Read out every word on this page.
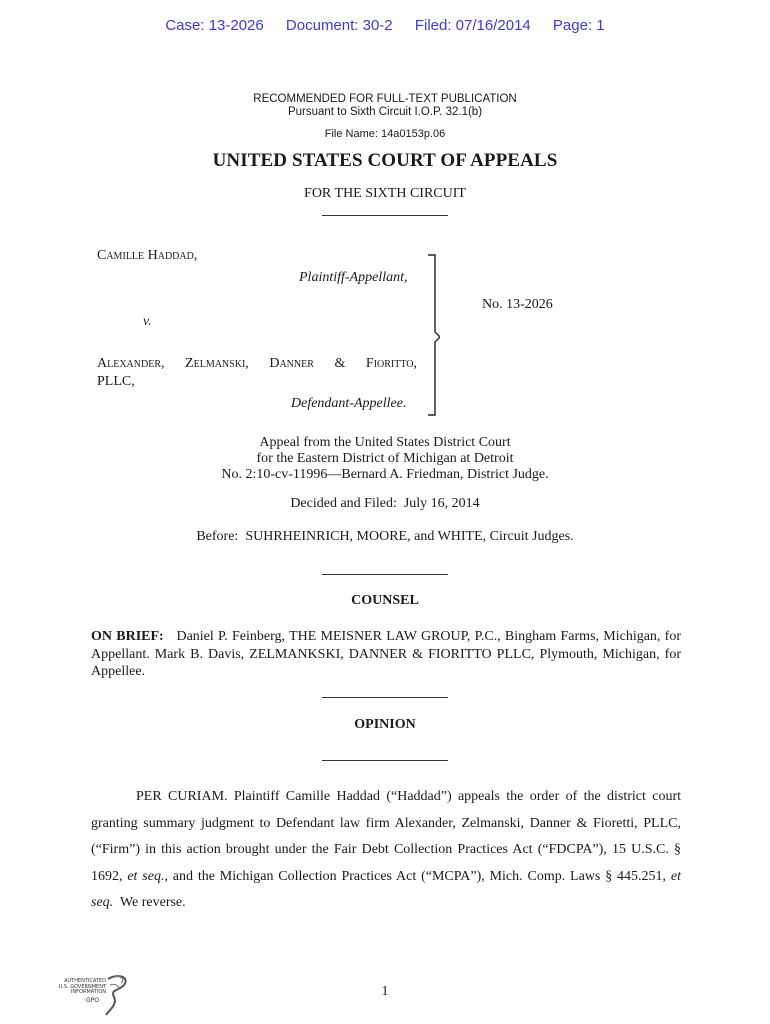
Case: 13-2026 Document: 30-2 Filed: 07/16/2014 Page: 1
RECOMMENDED FOR FULL-TEXT PUBLICATION
Pursuant to Sixth Circuit I.O.P. 32.1(b)
File Name: 14a0153p.06
UNITED STATES COURT OF APPEALS
FOR THE SIXTH CIRCUIT
Camille Haddad,
Plaintiff-Appellant,
v.
Alexander, Zelmanski, Danner & Fioritto,
PLLC,
Defendant-Appellee.
No. 13-2026
Appeal from the United States District Court
for the Eastern District of Michigan at Detroit
No. 2:10-cv-11996—Bernard A. Friedman, District Judge.
Decided and Filed:  July 16, 2014
Before:  SUHRHEINRICH, MOORE, and WHITE, Circuit Judges.
COUNSEL
ON BRIEF: Daniel P. Feinberg, THE MEISNER LAW GROUP, P.C., Bingham Farms, Michigan, for Appellant. Mark B. Davis, ZELMANKSKI, DANNER & FIORITTO PLLC, Plymouth, Michigan, for Appellee.
OPINION
PER CURIAM. Plaintiff Camille Haddad (“Haddad”) appeals the order of the district court granting summary judgment to Defendant law firm Alexander, Zelmanski, Danner & Fioretti, PLLC, (“Firm”) in this action brought under the Fair Debt Collection Practices Act (“FDCPA”), 15 U.S.C. § 1692, et seq., and the Michigan Collection Practices Act (“MCPA”), Mich. Comp. Laws § 445.251, et seq.  We reverse.
1
AUTHENTICATED
U.S. GOVERNMENT
INFORMATION
GPO
